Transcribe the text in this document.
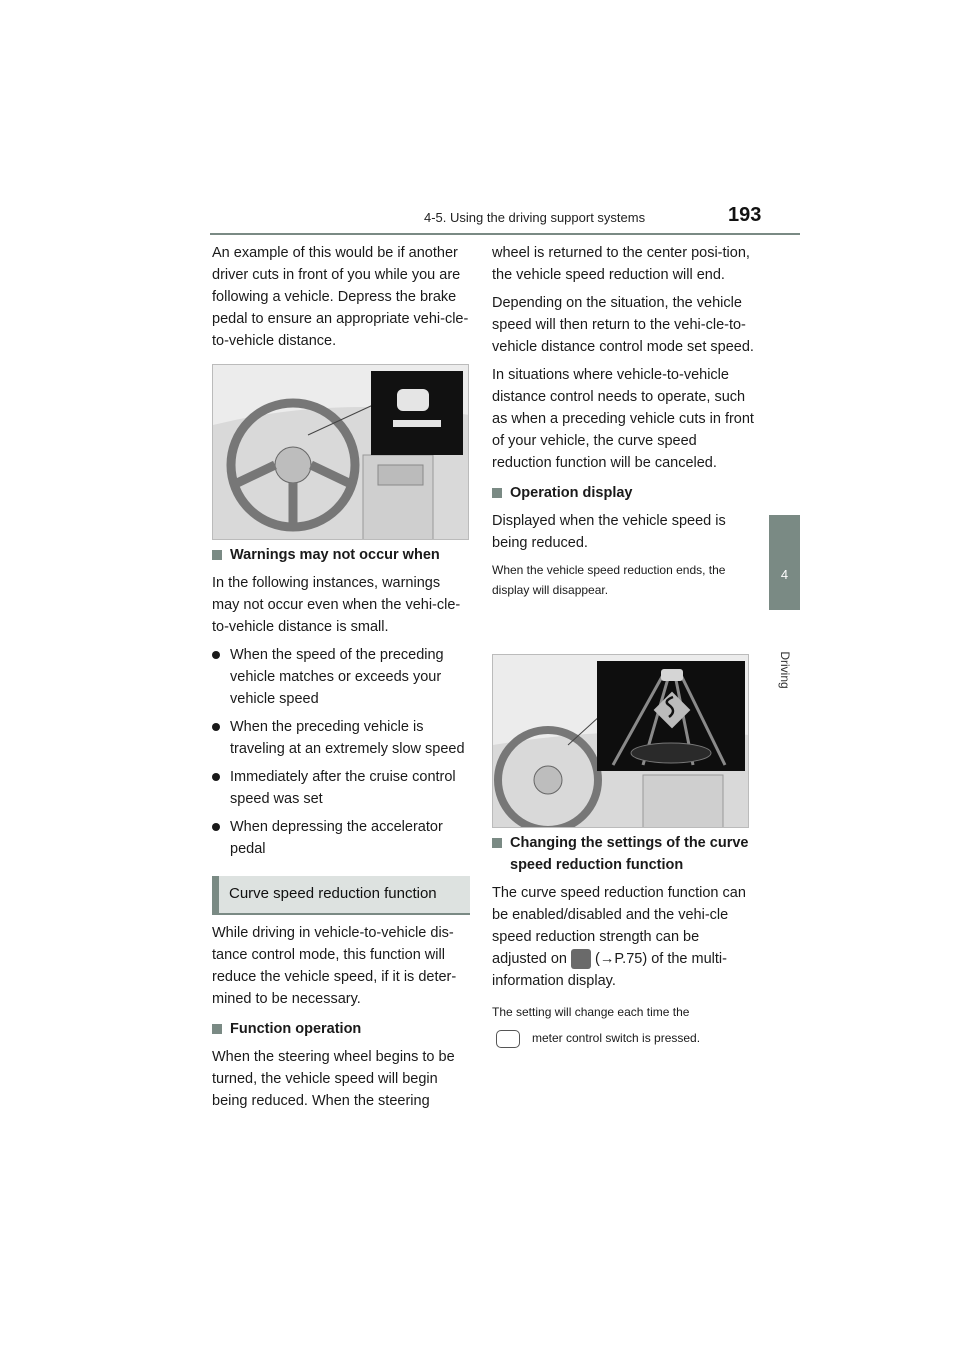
4-5. Using the driving support systems	193
4
Driving

An example of this would be if another driver cuts in front of you while you are following a vehicle. Depress the brake pedal to ensure an appropriate vehi-cle-to-vehicle distance.

Warnings may not occur when

In the following instances, warnings may not occur even when the vehi-cle-to-vehicle distance is small.

When the speed of the preceding vehicle matches or exceeds your vehicle speed
When the preceding vehicle is traveling at an extremely slow speed
Immediately after the cruise control speed was set
When depressing the accelerator pedal
Curve speed reduction function

While driving in vehicle-to-vehicle dis-tance control mode, this function will reduce the vehicle speed, if it is deter-mined to be necessary.

Function operation

When the steering wheel begins to be turned, the vehicle speed will begin being reduced. When the steering

wheel is returned to the center posi-tion, the vehicle speed reduction will end.

Depending on the situation, the vehicle speed will then return to the vehi-cle-to-vehicle distance control mode set speed.

In situations where vehicle-to-vehicle distance control needs to operate, such as when a preceding vehicle cuts in front of your vehicle, the curve speed reduction function will be canceled.

Operation display

Displayed when the vehicle speed is being reduced.

When the vehicle speed reduction ends, the display will disappear.

Changing the settings of the curve speed reduction function

The curve speed reduction function can be enabled/disabled and the vehi-cle speed reduction strength can be adjusted on (→P.75) of the multi-information display.

The setting will change each time the

meter control switch is pressed.
